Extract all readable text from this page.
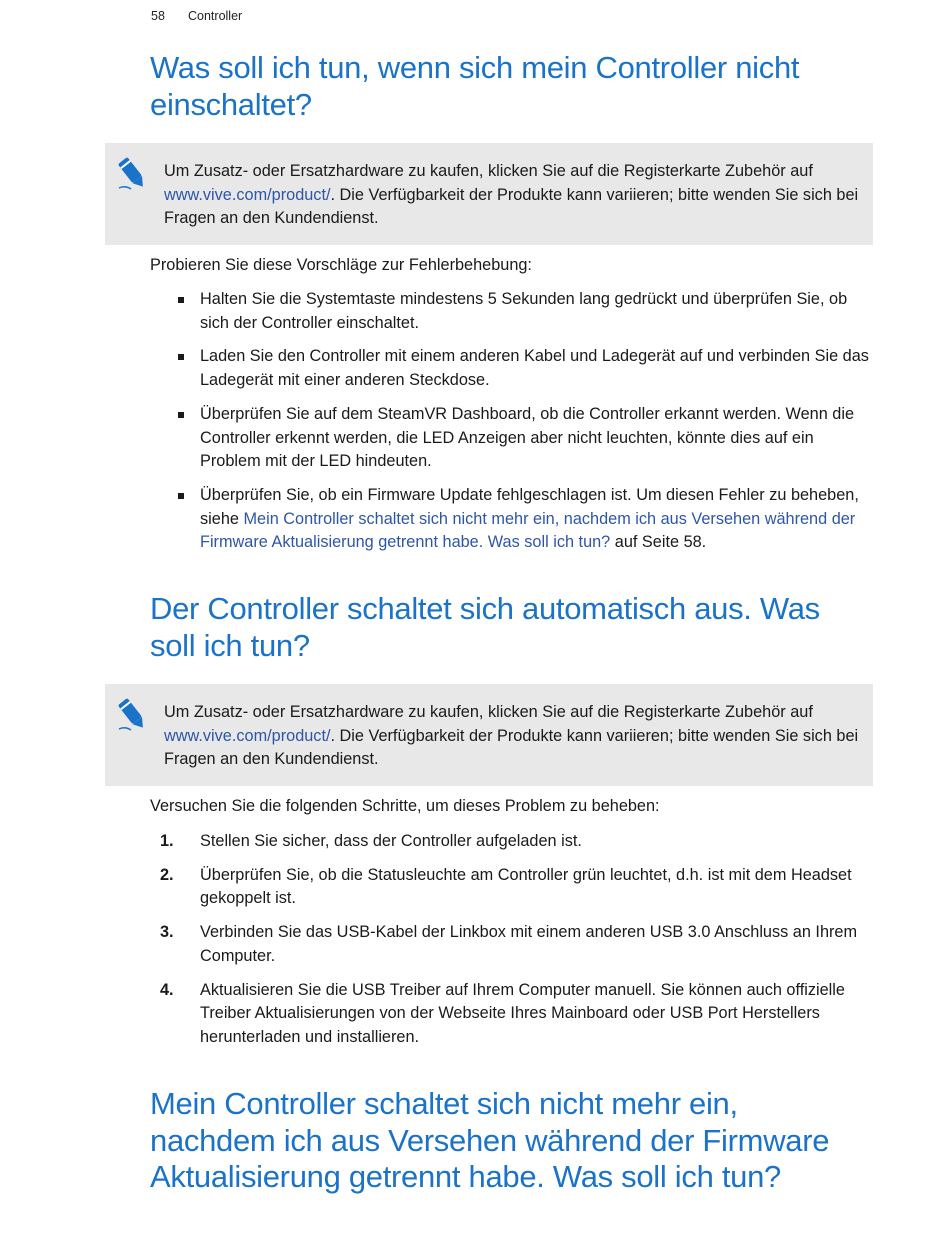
58 Controller
Was soll ich tun, wenn sich mein Controller nicht einschaltet?

Um Zusatz- oder Ersatzhardware zu kaufen, klicken Sie auf die Registerkarte Zubehör auf www.vive.com/product/. Die Verfügbarkeit der Produkte kann variieren; bitte wenden Sie sich bei Fragen an den Kundendienst.

Probieren Sie diese Vorschläge zur Fehlerbehebung:

Halten Sie die Systemtaste mindestens 5 Sekunden lang gedrückt und überprüfen Sie, ob sich der Controller einschaltet.
Laden Sie den Controller mit einem anderen Kabel und Ladegerät auf und verbinden Sie das Ladegerät mit einer anderen Steckdose.
Überprüfen Sie auf dem SteamVR Dashboard, ob die Controller erkannt werden. Wenn die Controller erkennt werden, die LED Anzeigen aber nicht leuchten, könnte dies auf ein Problem mit der LED hindeuten.
Überprüfen Sie, ob ein Firmware Update fehlgeschlagen ist. Um diesen Fehler zu beheben, siehe Mein Controller schaltet sich nicht mehr ein, nachdem ich aus Versehen während der Firmware Aktualisierung getrennt habe. Was soll ich tun? auf Seite 58.
Der Controller schaltet sich automatisch aus. Was soll ich tun?

Um Zusatz- oder Ersatzhardware zu kaufen, klicken Sie auf die Registerkarte Zubehör auf www.vive.com/product/. Die Verfügbarkeit der Produkte kann variieren; bitte wenden Sie sich bei Fragen an den Kundendienst.

Versuchen Sie die folgenden Schritte, um dieses Problem zu beheben:

1. Stellen Sie sicher, dass der Controller aufgeladen ist.
2. Überprüfen Sie, ob die Statusleuchte am Controller grün leuchtet, d.h. ist mit dem Headset gekoppelt ist.
3. Verbinden Sie das USB-Kabel der Linkbox mit einem anderen USB 3.0 Anschluss an Ihrem Computer.
4. Aktualisieren Sie die USB Treiber auf Ihrem Computer manuell. Sie können auch offizielle Treiber Aktualisierungen von der Webseite Ihres Mainboard oder USB Port Herstellers herunterladen und installieren.
Mein Controller schaltet sich nicht mehr ein, nachdem ich aus Versehen während der Firmware Aktualisierung getrennt habe. Was soll ich tun?
